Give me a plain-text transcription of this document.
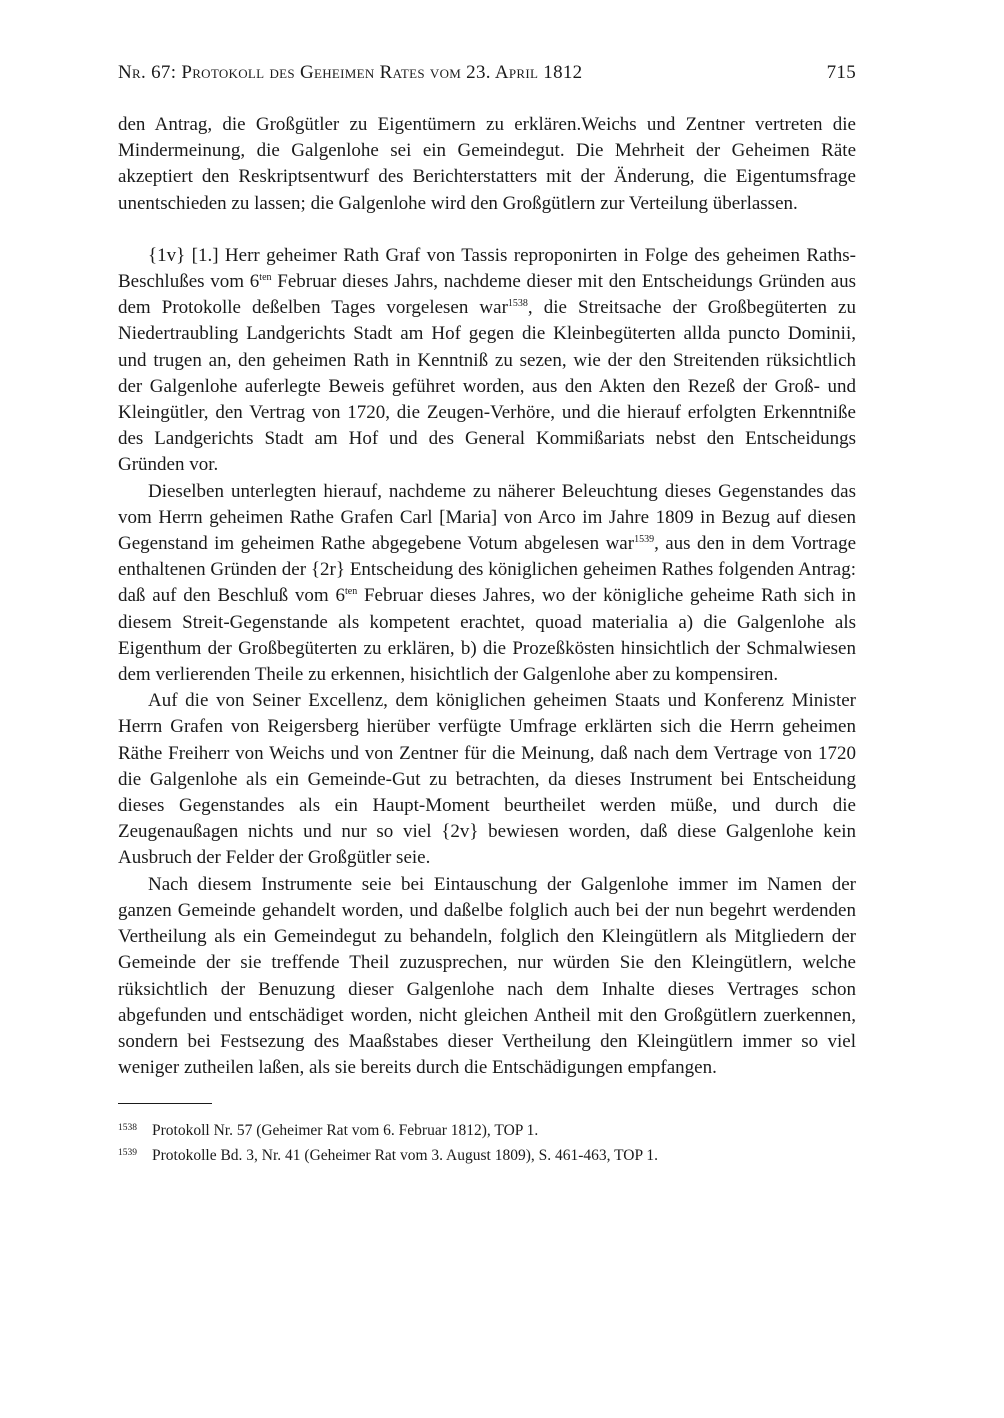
Nr. 67: Protokoll des Geheimen Rates vom 23. April 1812	715

den Antrag, die Großgütler zu Eigentümern zu erklären.Weichs und Zentner vertreten die Mindermeinung, die Galgenlohe sei ein Gemeindegut. Die Mehrheit der Geheimen Räte akzeptiert den Reskriptsentwurf des Berichterstatters mit der Änderung, die Eigentumsfrage unentschieden zu lassen; die Galgenlohe wird den Großgütlern zur Verteilung überlassen.

{1v} [1.] Herr geheimer Rath Graf von Tassis reproponirten in Folge des geheimen Raths-Beschlußes vom $6^{ten}$ Februar dieses Jahrs, nachdeme dieser mit den Entscheidungs Gründen aus dem Protokolle deßelben Tages vorgelesen war$^{1538}$, die Streitsache der Großbegüterten zu Niedertraubling Landgerichts Stadt am Hof gegen die Kleinbegüterten allda puncto Dominii, und trugen an, den geheimen Rath in Kenntniß zu sezen, wie der den Streitenden rüksichtlich der Galgenlohe auferlegte Beweis geführet worden, aus den Akten den Rezeß der Groß- und Kleingütler, den Vertrag von 1720, die Zeugen-Verhöre, und die hierauf erfolgten Erkenntniße des Landgerichts Stadt am Hof und des General Kommißariats nebst den Entscheidungs Gründen vor.

Dieselben unterlegten hierauf, nachdeme zu näherer Beleuchtung dieses Gegenstandes das vom Herrn geheimen Rathe Grafen Carl [Maria] von Arco im Jahre 1809 in Bezug auf diesen Gegenstand im geheimen Rathe abgegebene Votum abgelesen war$^{1539}$, aus den in dem Vortrage enthaltenen Gründen der {2r} Entscheidung des königlichen geheimen Rathes folgenden Antrag: daß auf den Beschluß vom $6^{ten}$ Februar dieses Jahres, wo der königliche geheime Rath sich in diesem Streit-Gegenstande als kompetent erachtet, quoad materialia a) die Galgenlohe als Eigenthum der Großbegüterten zu erklären, b) die Prozeßkösten hinsichtlich der Schmalwiesen dem verlierenden Theile zu erkennen, hisichtlich der Galgenlohe aber zu kompensiren.

Auf die von Seiner Excellenz, dem königlichen geheimen Staats und Konferenz Minister Herrn Grafen von Reigersberg hierüber verfügte Umfrage erklärten sich die Herrn geheimen Räthe Freiherr von Weichs und von Zentner für die Meinung, daß nach dem Vertrage von 1720 die Galgenlohe als ein Gemeinde-Gut zu betrachten, da dieses Instrument bei Entscheidung dieses Gegenstandes als ein Haupt-Moment beurtheilet werden müße, und durch die Zeugenaußagen nichts und nur so viel {2v} bewiesen worden, daß diese Galgenlohe kein Ausbruch der Felder der Großgütler seie.

Nach diesem Instrumente seie bei Eintauschung der Galgenlohe immer im Namen der ganzen Gemeinde gehandelt worden, und daßelbe folglich auch bei der nun begehrt werdenden Vertheilung als ein Gemeindegut zu behandeln, folglich den Kleingütlern als Mitgliedern der Gemeinde der sie treffende Theil zuzusprechen, nur würden Sie den Kleingütlern, welche rüksichtlich der Benuzung dieser Galgenlohe nach dem Inhalte dieses Vertrages schon abgefunden und entschädiget worden, nicht gleichen Antheil mit den Großgütlern zuerkennen, sondern bei Festsezung des Maaßstabes dieser Vertheilung den Kleingütlern immer so viel weniger zutheilen laßen, als sie bereits durch die Entschädigungen empfangen.

1538 Protokoll Nr. 57 (Geheimer Rat vom 6. Februar 1812), TOP 1.
1539 Protokolle Bd. 3, Nr. 41 (Geheimer Rat vom 3. August 1809), S. 461-463, TOP 1.
